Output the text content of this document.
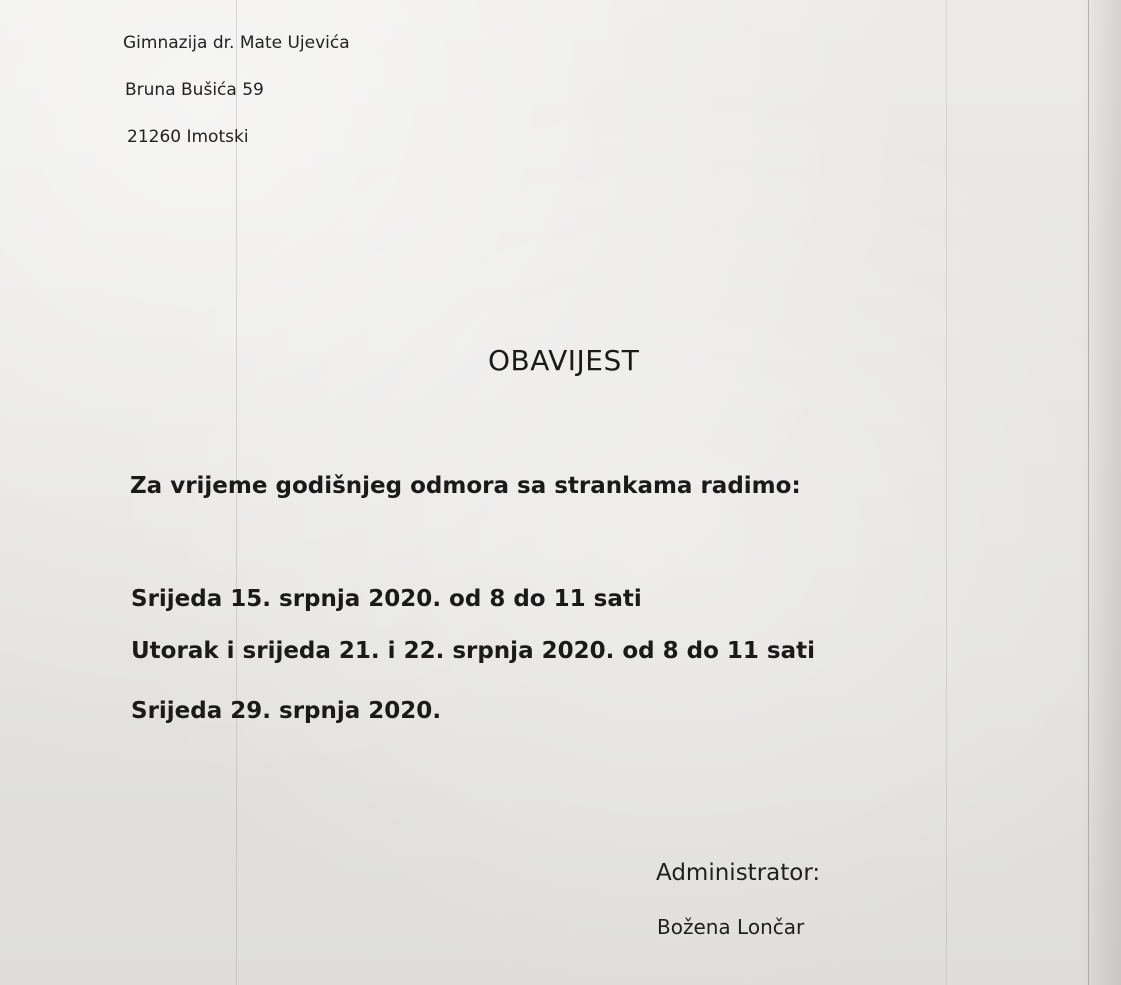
Gimnazija dr. Mate Ujevića

Bruna Bušića 59

21260 Imotski

OBAVIJEST

Za vrijeme godišnjeg odmora sa strankama radimo:

Srijeda 15. srpnja 2020. od 8 do 11 sati

Utorak i srijeda 21. i 22. srpnja 2020. od 8 do 11 sati

Srijeda 29. srpnja 2020.

Administrator:

Božena Lončar
